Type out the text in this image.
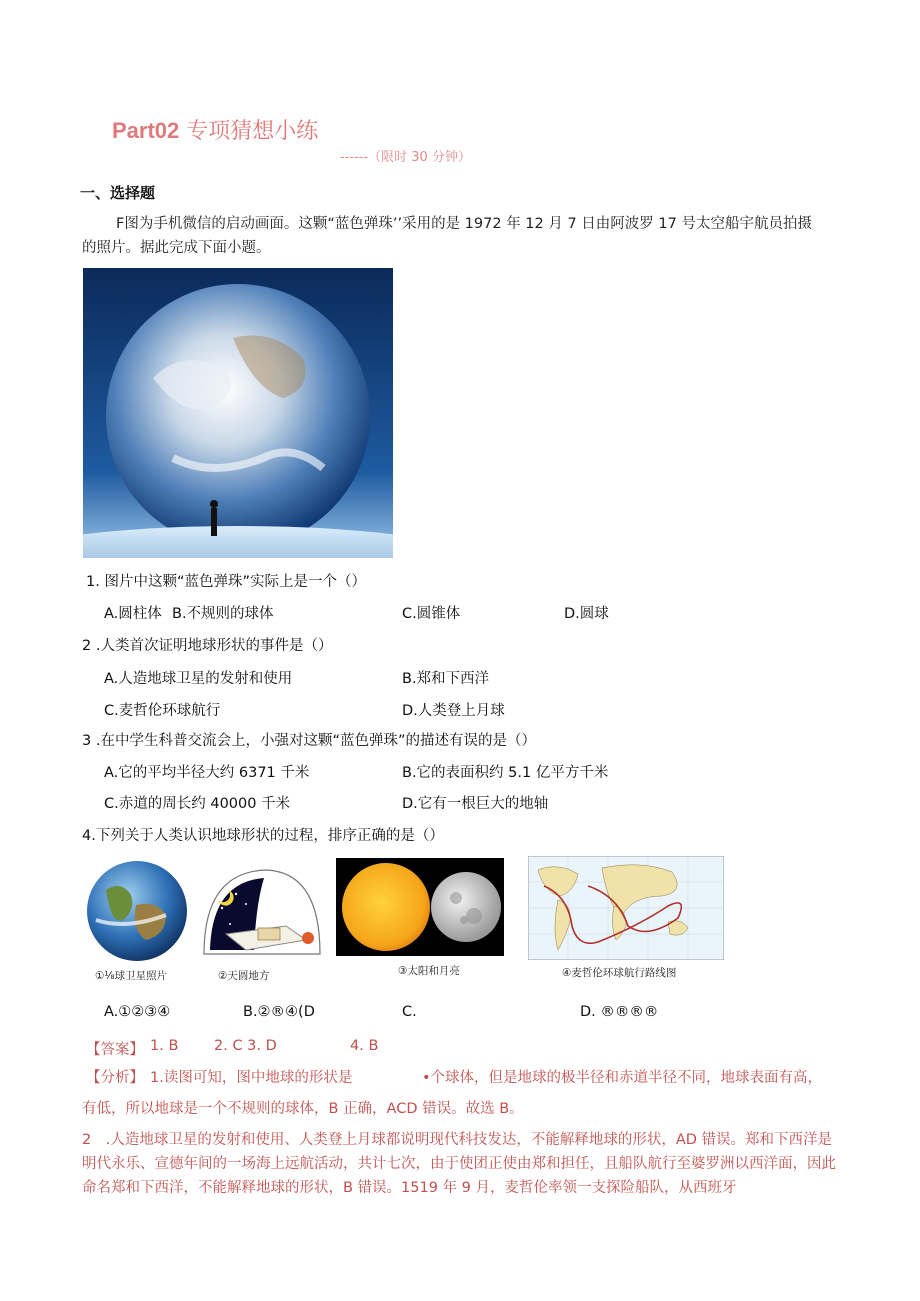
Part02 专项猜想小练
------（限时 30 分钟）
一、选择题
F图为手机微信的启动画面。这颗“蓝色弹珠’’采用的是 1972 年 12 月 7 日由阿波罗 17 号太空船宇航员拍摄的照片。据此完成下面小题。
1. 图片中这颗“蓝色弹珠”实际上是一个（）
A.圆柱体 B.不规则的球体	C.圆锥体	D.圆球
2 .人类首次证明地球形状的事件是（）
A.人造地球卫星的发射和使用	B.郑和下西洋
C.麦哲伦环球航行	D.人类登上月球
3 .在中学生科普交流会上，小强对这颗“蓝色弹珠”的描述有误的是（）
A.它的平均半径大约 6371 千米	B.它的表面积约 5.1 亿平方千米
C.赤道的周长约 40000 千米	D.它有一根巨大的地轴
4.下列关于人类认识地球形状的过程，排序正确的是（）
①⅛球卫星照片	②天圆地方	③太阳和月亮	④麦哲伦环球航行路线图
A.①②③④	B.②®④(D	C.	D. ®®®®
【答案】 1. B 2. C 3. D	4. B
【分析】 1.读图可知，图中地球的形状是	•个球体，但是地球的极半径和赤道半径不同，地球表面有高，
有低，所以地球是一个不规则的球体，B 正确，ACD 错误。故选 B。
2　.人造地球卫星的发射和使用、人类登上月球都说明现代科技发达，不能解释地球的形状，AD 错误。郑和下西洋是明代永乐、宣德年间的一场海上远航活动，共计七次，由于使团正使由郑和担任，且船队航行至婆罗洲以西洋面，因此命名郑和下西洋，不能解释地球的形状，B 错误。1519 年 9 月，麦哲伦率领一支探险船队，从西班牙
